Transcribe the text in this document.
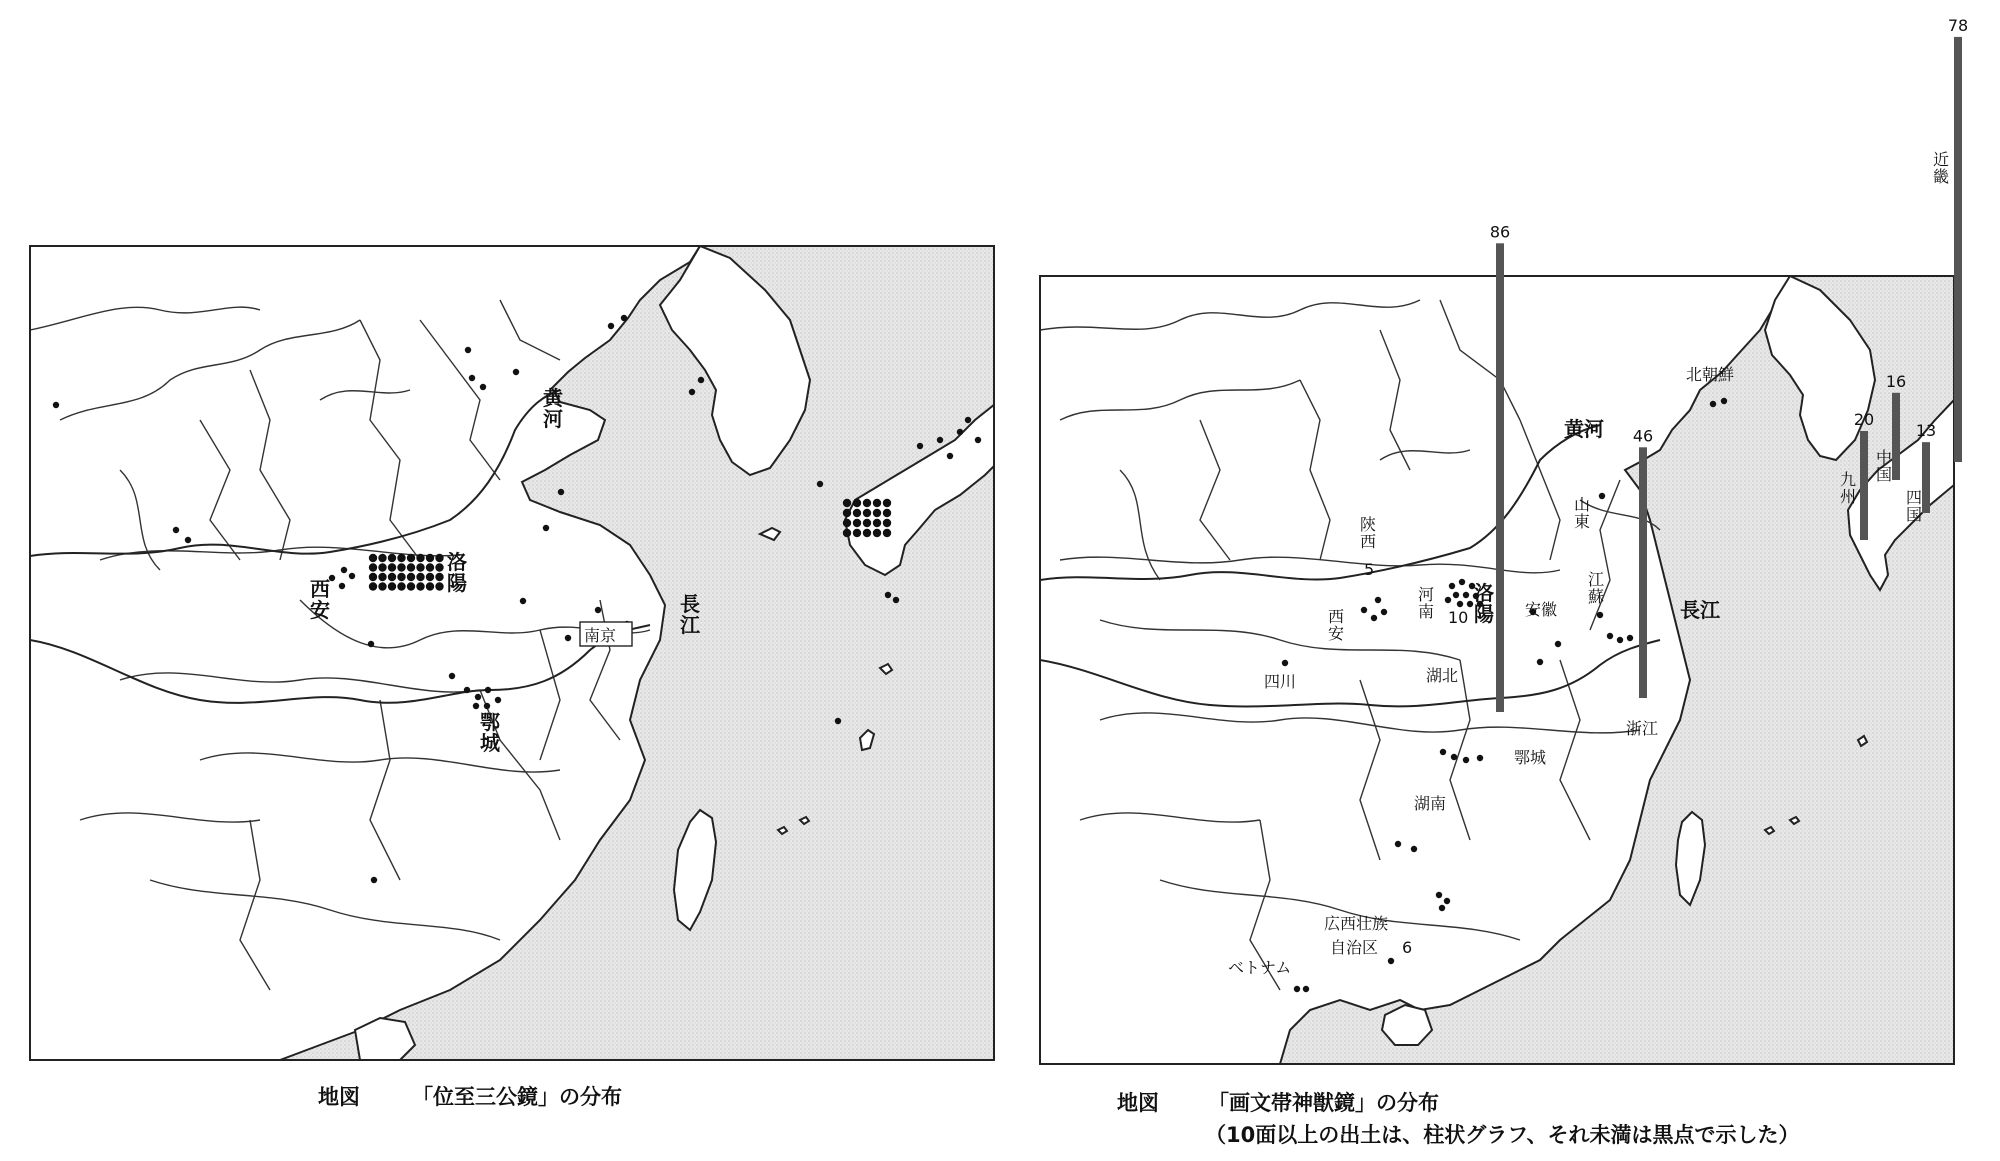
黄河
洛陽
西安	長江
南京
鄂城
地図 「位至三公鏡」の分布
86
46
20
16
13
78
北朝鮮
黄河
山東
陝西
5
河南
洛陽
10
西安
安徽
江蘇
長江
四川	湖北
鄂城
浙江
湖南
広西壮族
自治区 6
ベトナム
九州
中国
四国
近畿
地図 「画文帯神獣鏡」の分布
（10面以上の出土は、柱状グラフ、それ未満は黒点で示した）
